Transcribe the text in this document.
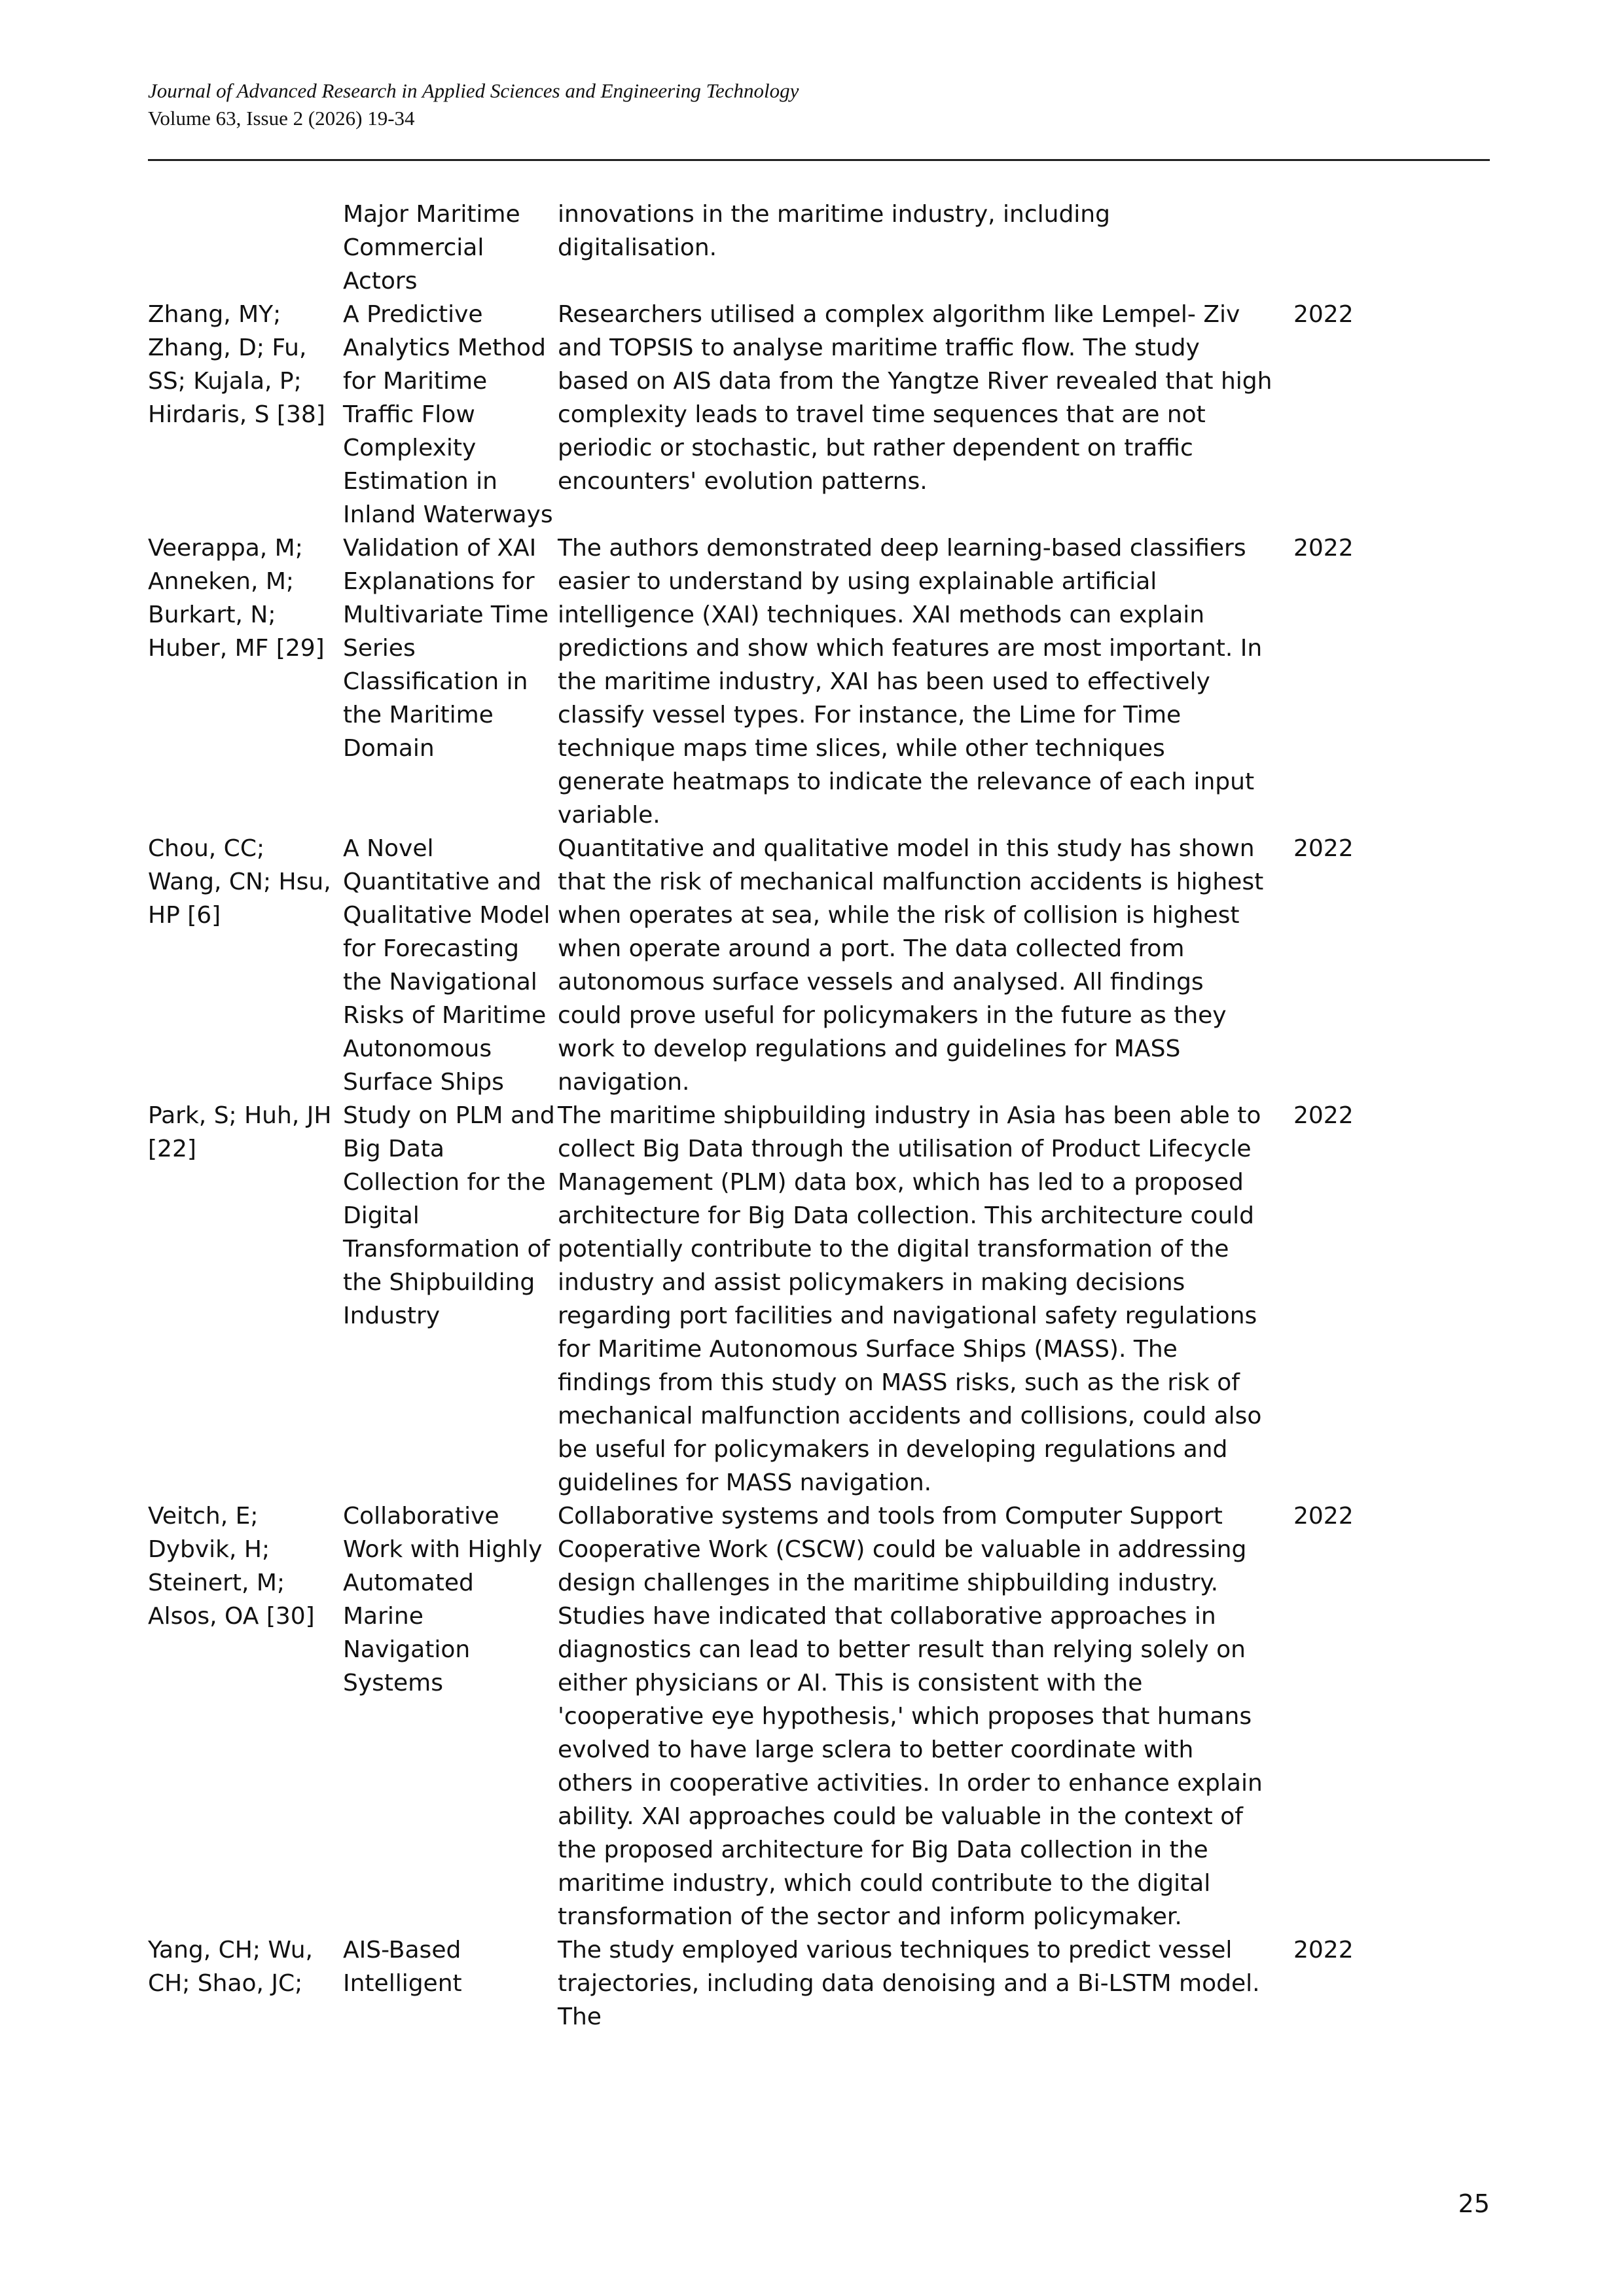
Journal of Advanced Research in Applied Sciences and Engineering Technology
Volume 63, Issue 2 (2026) 19-34
	Major Maritime Commercial Actors	innovations in the maritime industry, including digitalisation.	
Zhang, MY; Zhang, D; Fu, SS; Kujala, P; Hirdaris, S [38]	A Predictive Analytics Method for Maritime Traffic Flow Complexity Estimation in Inland Waterways	Researchers utilised a complex algorithm like Lempel- Ziv and TOPSIS to analyse maritime traffic flow. The study based on AIS data from the Yangtze River revealed that high complexity leads to travel time sequences that are not periodic or stochastic, but rather dependent on traffic encounters' evolution patterns.	2022
Veerappa, M; Anneken, M; Burkart, N; Huber, MF [29]	Validation of XAI Explanations for Multivariate Time Series Classification in the Maritime Domain	The authors demonstrated deep learning-based classifiers easier to understand by using explainable artificial intelligence (XAI) techniques. XAI methods can explain predictions and show which features are most important. In the maritime industry, XAI has been used to effectively classify vessel types. For instance, the Lime for Time technique maps time slices, while other techniques generate heatmaps to indicate the relevance of each input variable.	2022
Chou, CC; Wang, CN; Hsu, HP [6]	A Novel Quantitative and Qualitative Model for Forecasting the Navigational Risks of Maritime Autonomous Surface Ships	Quantitative and qualitative model in this study has shown that the risk of mechanical malfunction accidents is highest when operates at sea, while the risk of collision is highest when operate around a port. The data collected from autonomous surface vessels and analysed. All findings could prove useful for policymakers in the future as they work to develop regulations and guidelines for MASS navigation.	2022
Park, S; Huh, JH [22]	Study on PLM and Big Data Collection for the Digital Transformation of the Shipbuilding Industry	The maritime shipbuilding industry in Asia has been able to collect Big Data through the utilisation of Product Lifecycle Management (PLM) data box, which has led to a proposed architecture for Big Data collection. This architecture could potentially contribute to the digital transformation of the industry and assist policymakers in making decisions regarding port facilities and navigational safety regulations for Maritime Autonomous Surface Ships (MASS). The findings from this study on MASS risks, such as the risk of mechanical malfunction accidents and collisions, could also be useful for policymakers in developing regulations and guidelines for MASS navigation.	2022
Veitch, E; Dybvik, H; Steinert, M; Alsos, OA [30]	Collaborative Work with Highly Automated Marine Navigation Systems	Collaborative systems and tools from Computer Support Cooperative Work (CSCW) could be valuable in addressing design challenges in the maritime shipbuilding industry. Studies have indicated that collaborative approaches in diagnostics can lead to better result than relying solely on either physicians or AI. This is consistent with the 'cooperative eye hypothesis,' which proposes that humans evolved to have large sclera to better coordinate with others in cooperative activities. In order to enhance explain ability. XAI approaches could be valuable in the context of the proposed architecture for Big Data collection in the maritime industry, which could contribute to the digital transformation of the sector and inform policymaker.	2022
Yang, CH; Wu, CH; Shao, JC;	AIS-Based Intelligent	The study employed various techniques to predict vessel trajectories, including data denoising and a Bi-LSTM model. The	2022
25
